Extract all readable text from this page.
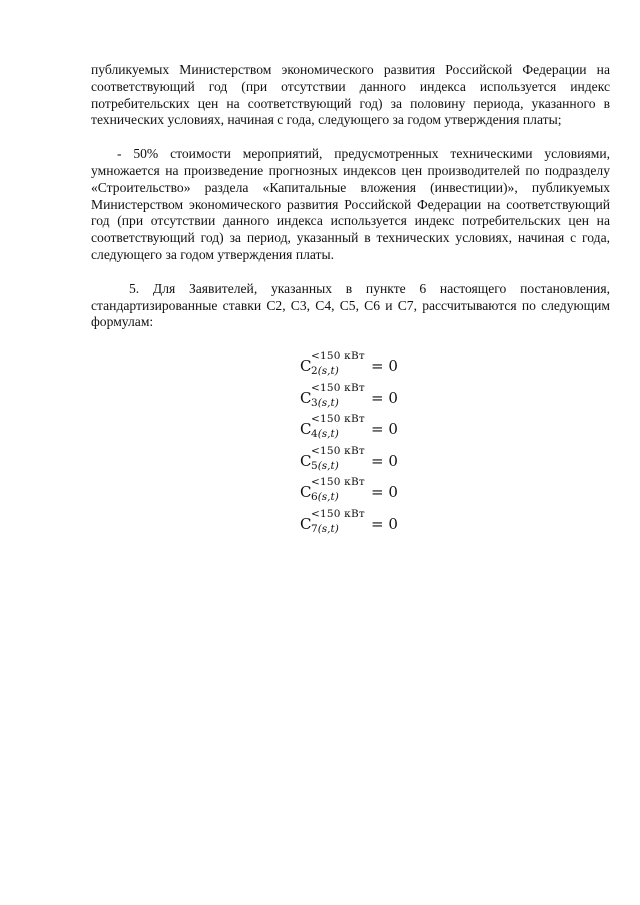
публикуемых Министерством экономического развития Российской Федерации на соответствующий год (при отсутствии данного индекса используется индекс потребительских цен на соответствующий год) за половину периода, указанного в технических условиях, начиная с года, следующего за годом утверждения платы;

- 50% стоимости мероприятий, предусмотренных техническими условиями, умножается на произведение прогнозных индексов цен производителей по подразделу «Строительство» раздела «Капитальные вложения (инвестиции)», публикуемых Министерством экономического развития Российской Федерации на соответствующий год (при отсутствии данного индекса используется индекс потребительских цен на соответствующий год) за период, указанный в технических условиях, начиная с года, следующего за годом утверждения платы.

5. Для Заявителей, указанных в пункте 6 настоящего постановления, стандартизированные ставки С2, С3, С4, С5, С6 и С7, рассчитываются по следующим формулам:

C
<150 кВт
2(s,t) = 0
C
<150 кВт
3(s,t) = 0
C
<150 кВт
4(s,t) = 0
C
<150 кВт
5(s,t) = 0
C
<150 кВт
6(s,t) = 0
C
<150 кВт
7(s,t) = 0
